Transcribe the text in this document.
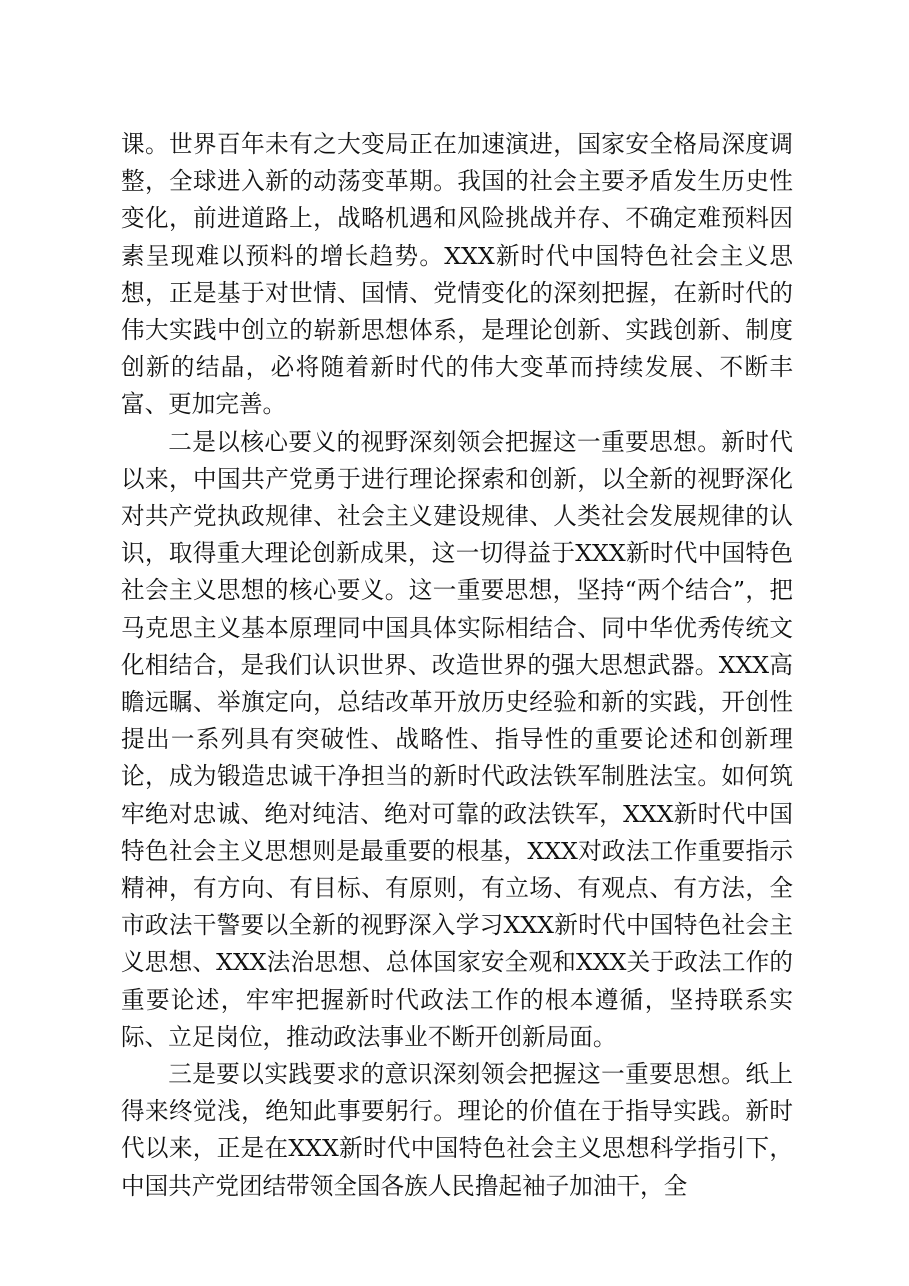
课。世界百年未有之大变局正在加速演进，国家安全格局深度调整，全球进入新的动荡变革期。我国的社会主要矛盾发生历史性变化，前进道路上，战略机遇和风险挑战并存、不确定难预料因素呈现难以预料的增长趋势。XXX新时代中国特色社会主义思想，正是基于对世情、国情、党情变化的深刻把握，在新时代的伟大实践中创立的崭新思想体系，是理论创新、实践创新、制度创新的结晶，必将随着新时代的伟大变革而持续发展、不断丰富、更加完善。

二是以核心要义的视野深刻领会把握这一重要思想。新时代以来，中国共产党勇于进行理论探索和创新，以全新的视野深化对共产党执政规律、社会主义建设规律、人类社会发展规律的认识，取得重大理论创新成果，这一切得益于XXX新时代中国特色社会主义思想的核心要义。这一重要思想，坚持“两个结合”，把马克思主义基本原理同中国具体实际相结合、同中华优秀传统文化相结合，是我们认识世界、改造世界的强大思想武器。XXX高瞻远瞩、举旗定向，总结改革开放历史经验和新的实践，开创性提出一系列具有突破性、战略性、指导性的重要论述和创新理论，成为锻造忠诚干净担当的新时代政法铁军制胜法宝。如何筑牢绝对忠诚、绝对纯洁、绝对可靠的政法铁军，XXX新时代中国特色社会主义思想则是最重要的根基，XXX对政法工作重要指示精神，有方向、有目标、有原则，有立场、有观点、有方法，全市政法干警要以全新的视野深入学习XXX新时代中国特色社会主义思想、XXX法治思想、总体国家安全观和XXX关于政法工作的重要论述，牢牢把握新时代政法工作的根本遵循，坚持联系实际、立足岗位，推动政法事业不断开创新局面。

三是要以实践要求的意识深刻领会把握这一重要思想。纸上得来终觉浅，绝知此事要躬行。理论的价值在于指导实践。新时代以来，正是在XXX新时代中国特色社会主义思想科学指引下，中国共产党团结带领全国各族人民撸起袖子加油干，全
